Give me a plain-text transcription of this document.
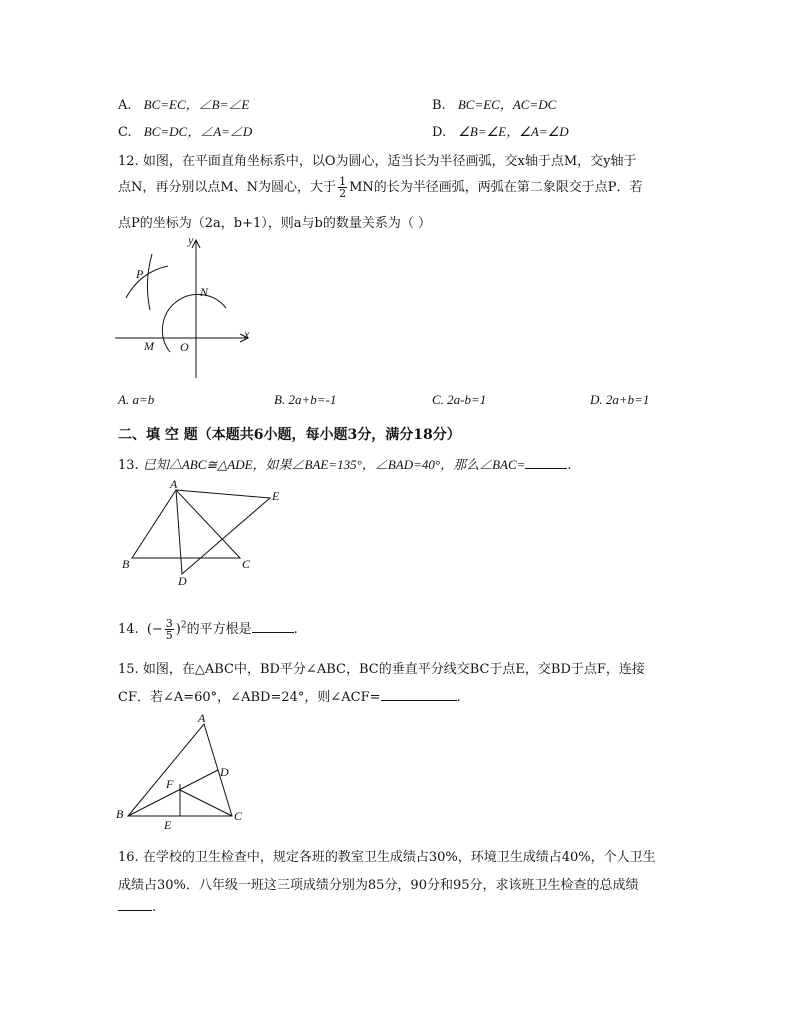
A. BC=EC，∠B=∠E	B. BC=EC，AC=DC
C. BC=DC，∠A=∠D	D. ∠B=∠E，∠A=∠D
12. 如图，在平面直角坐标系中，以O为圆心，适当长为半径画弧，交x轴于点M，交y轴于
点N，再分别以点M、N为圆心，大于 $\frac{1}{2}$ MN的长为半径画弧，两弧在第二象限交于点P．若
点P的坐标为（2a，b+1），则a与b的数量关系为（ ）
y
x
P
N
M O
A. a=b	B. 2a+b=-1	C. 2a-b=1	D. 2a+b=1
二、填 空 题（本题共6小题，每小题3分，满分18分）
13. 已知△ABC≅△ADE，如果∠BAE=135°，∠BAD=40°，那么∠BAC=	.
A
B	C
D
E
14. (− $\frac{3}{5} )^2$的平方根是	.
15. 如图，在△ABC中，BD平分∠ABC，BC的垂直平分线交BC于点E，交BD于点F，连接
CF．若∠A=60°，∠ABD=24°，则∠ACF=	.
A
B	C
D
E
F
16. 在学校的卫生检查中，规定各班的教室卫生成绩占30%，环境卫生成绩占40%，个人卫生
成绩占30%．八年级一班这三项成绩分别为85分，90分和95分，求该班卫生检查的总成绩
.
